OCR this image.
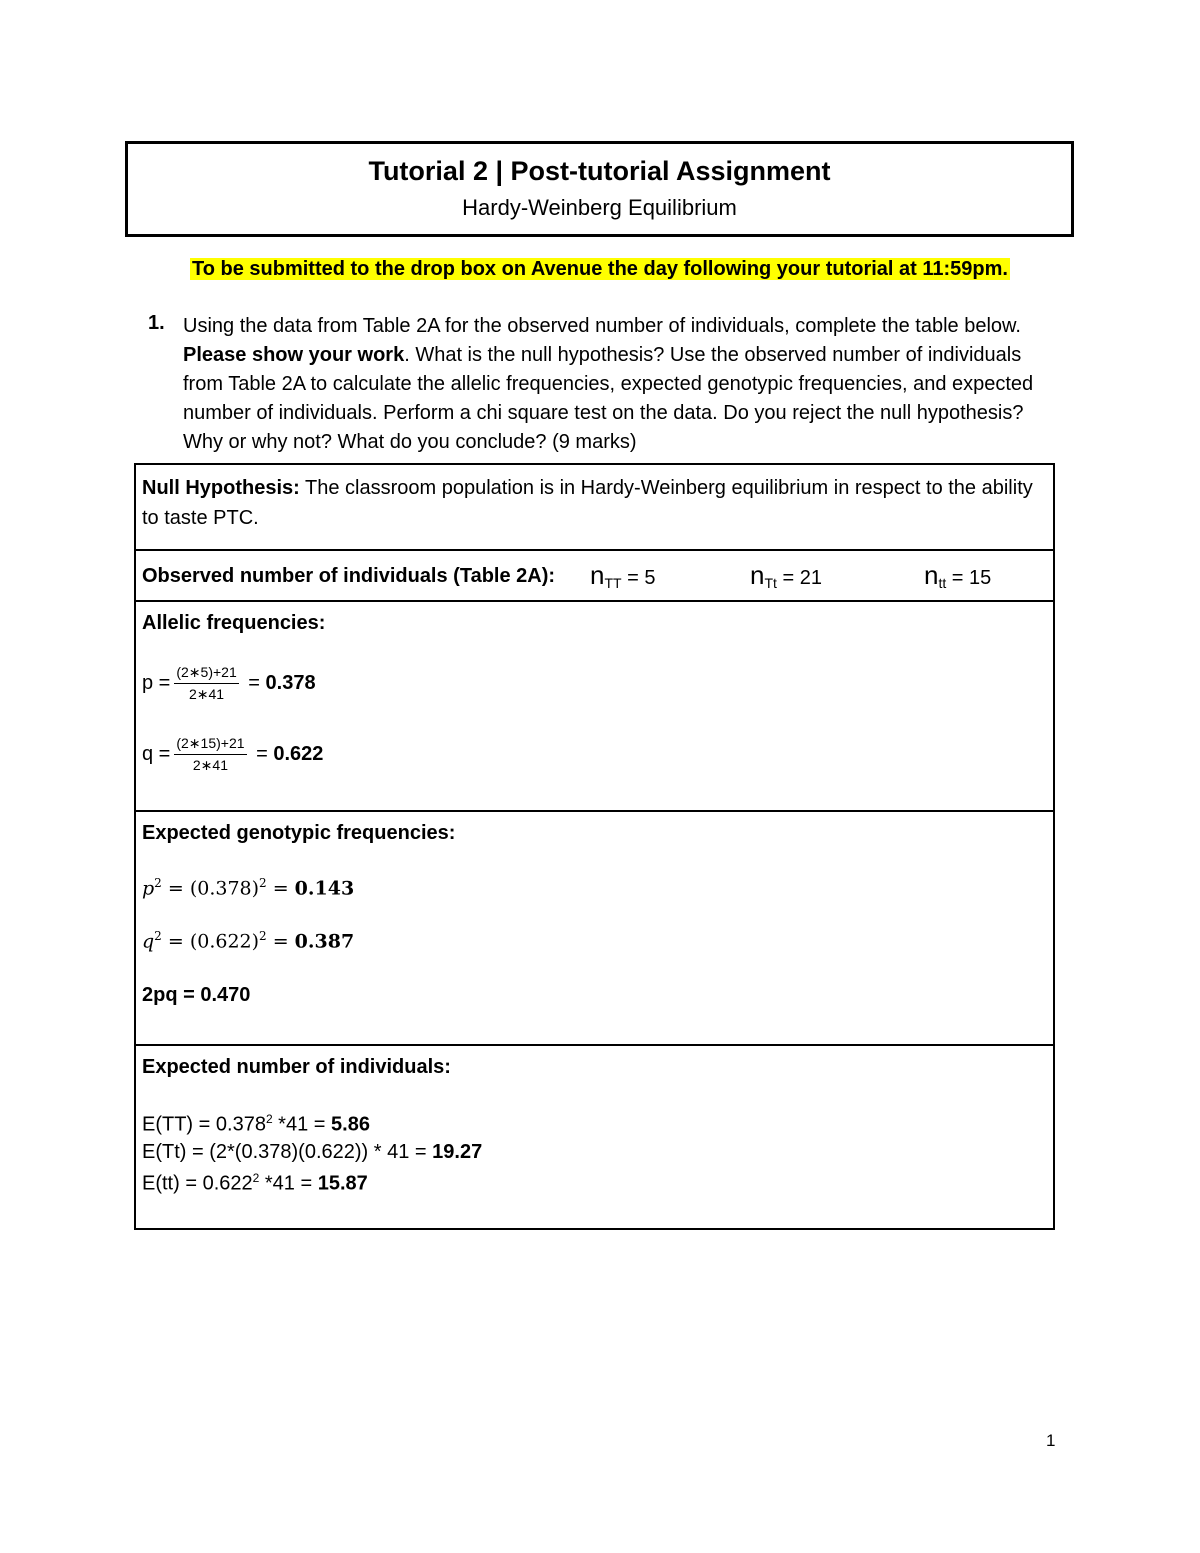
Tutorial 2 | Post-tutorial Assignment
Hardy-Weinberg Equilibrium
To be submitted to the drop box on Avenue the day following your tutorial at 11:59pm.
1. Using the data from Table 2A for the observed number of individuals, complete the table below. Please show your work. What is the null hypothesis? Use the observed number of individuals from Table 2A to calculate the allelic frequencies, expected genotypic frequencies, and expected number of individuals. Perform a chi square test on the data. Do you reject the null hypothesis? Why or why not? What do you conclude? (9 marks)
Null Hypothesis: The classroom population is in Hardy-Weinberg equilibrium in respect to the ability to taste PTC.
Observed number of individuals (Table 2A): $n_{TT} = 5$	$n_{Tt} = 21$	$n_{tt} = 15$
Allelic frequencies:
$p = \frac{(2∗5)+21}{2∗41} = 0.378$
$q = \frac{(2∗15)+21}{2∗41} = 0.622$
Expected genotypic frequencies:
$p^2 = (0.378)^2 = 0.143$
$q^2 = (0.622)^2 = 0.387$
2pq = 0.470
Expected number of individuals:
$E(TT) = 0.378^2$ *41 = 5.86
E(Tt) = (2*(0.378)(0.622)) * 41 = 19.27
$E(tt) = 0.622^2$ *41 = 15.87
1
